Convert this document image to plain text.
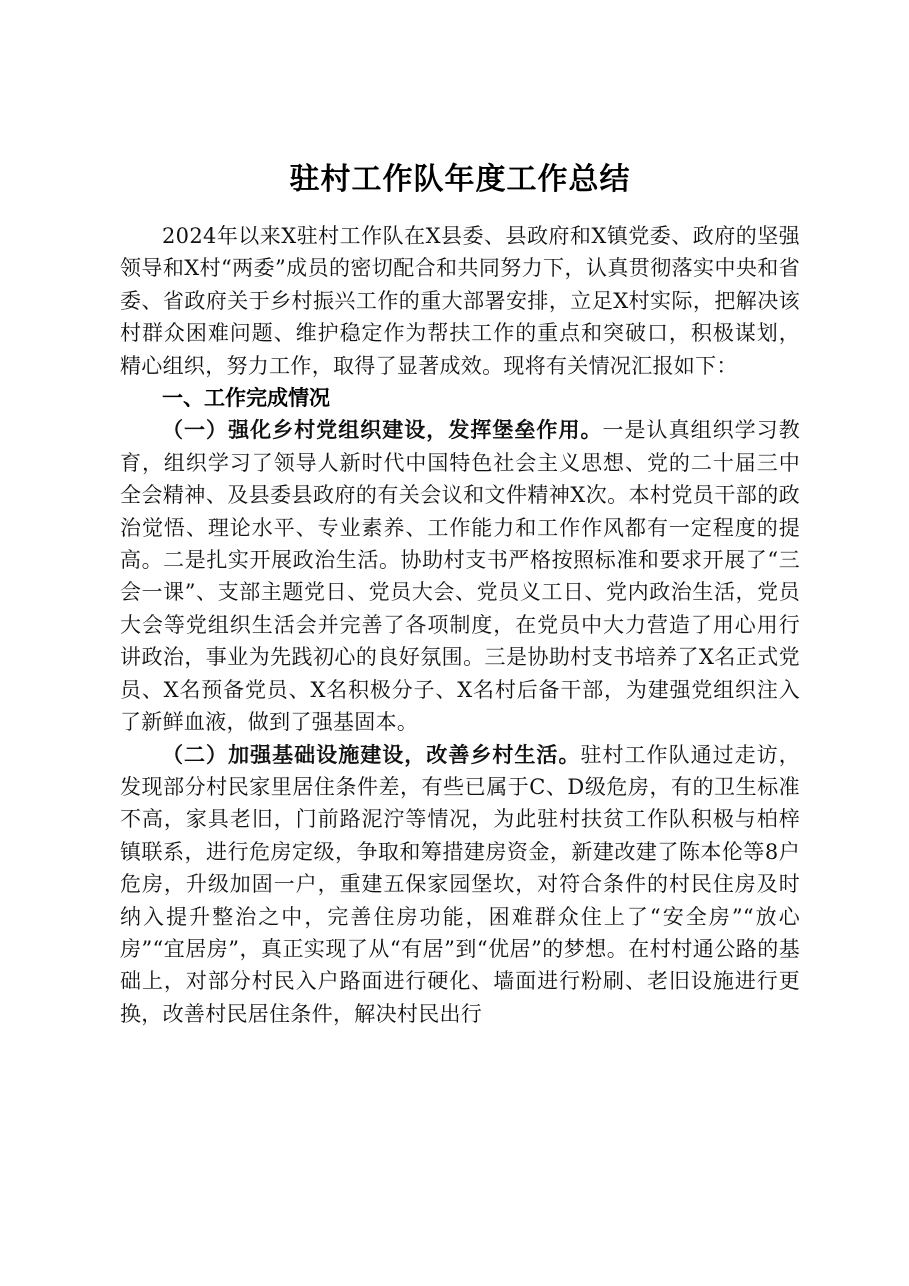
驻村工作队年度工作总结

2024年以来X驻村工作队在X县委、县政府和X镇党委、政府的坚强领导和X村“两委”成员的密切配合和共同努力下，认真贯彻落实中央和省委、省政府关于乡村振兴工作的重大部署安排，立足X村实际，把解决该村群众困难问题、维护稳定作为帮扶工作的重点和突破口，积极谋划，精心组织，努力工作，取得了显著成效。现将有关情况汇报如下：

一、工作完成情况

（一）强化乡村党组织建设，发挥堡垒作用。一是认真组织学习教育，组织学习了领导人新时代中国特色社会主义思想、党的二十届三中全会精神、及县委县政府的有关会议和文件精神X次。本村党员干部的政治觉悟、理论水平、专业素养、工作能力和工作作风都有一定程度的提高。二是扎实开展政治生活。协助村支书严格按照标准和要求开展了“三会一课”、支部主题党日、党员大会、党员义工日、党内政治生活，党员大会等党组织生活会并完善了各项制度，在党员中大力营造了用心用行讲政治，事业为先践初心的良好氛围。三是协助村支书培养了X名正式党员、X名预备党员、X名积极分子、X名村后备干部，为建强党组织注入了新鲜血液，做到了强基固本。

（二）加强基础设施建设，改善乡村生活。驻村工作队通过走访，发现部分村民家里居住条件差，有些已属于C、D级危房，有的卫生标准不高，家具老旧，门前路泥泞等情况，为此驻村扶贫工作队积极与柏梓镇联系，进行危房定级，争取和筹措建房资金，新建改建了陈本伦等8户危房，升级加固一户，重建五保家园堡坎，对符合条件的村民住房及时纳入提升整治之中，完善住房功能，困难群众住上了“安全房”“放心房”“宜居房”，真正实现了从“有居”到“优居”的梦想。在村村通公路的基础上，对部分村民入户路面进行硬化、墙面进行粉刷、老旧设施进行更换，改善村民居住条件，解决村民出行
